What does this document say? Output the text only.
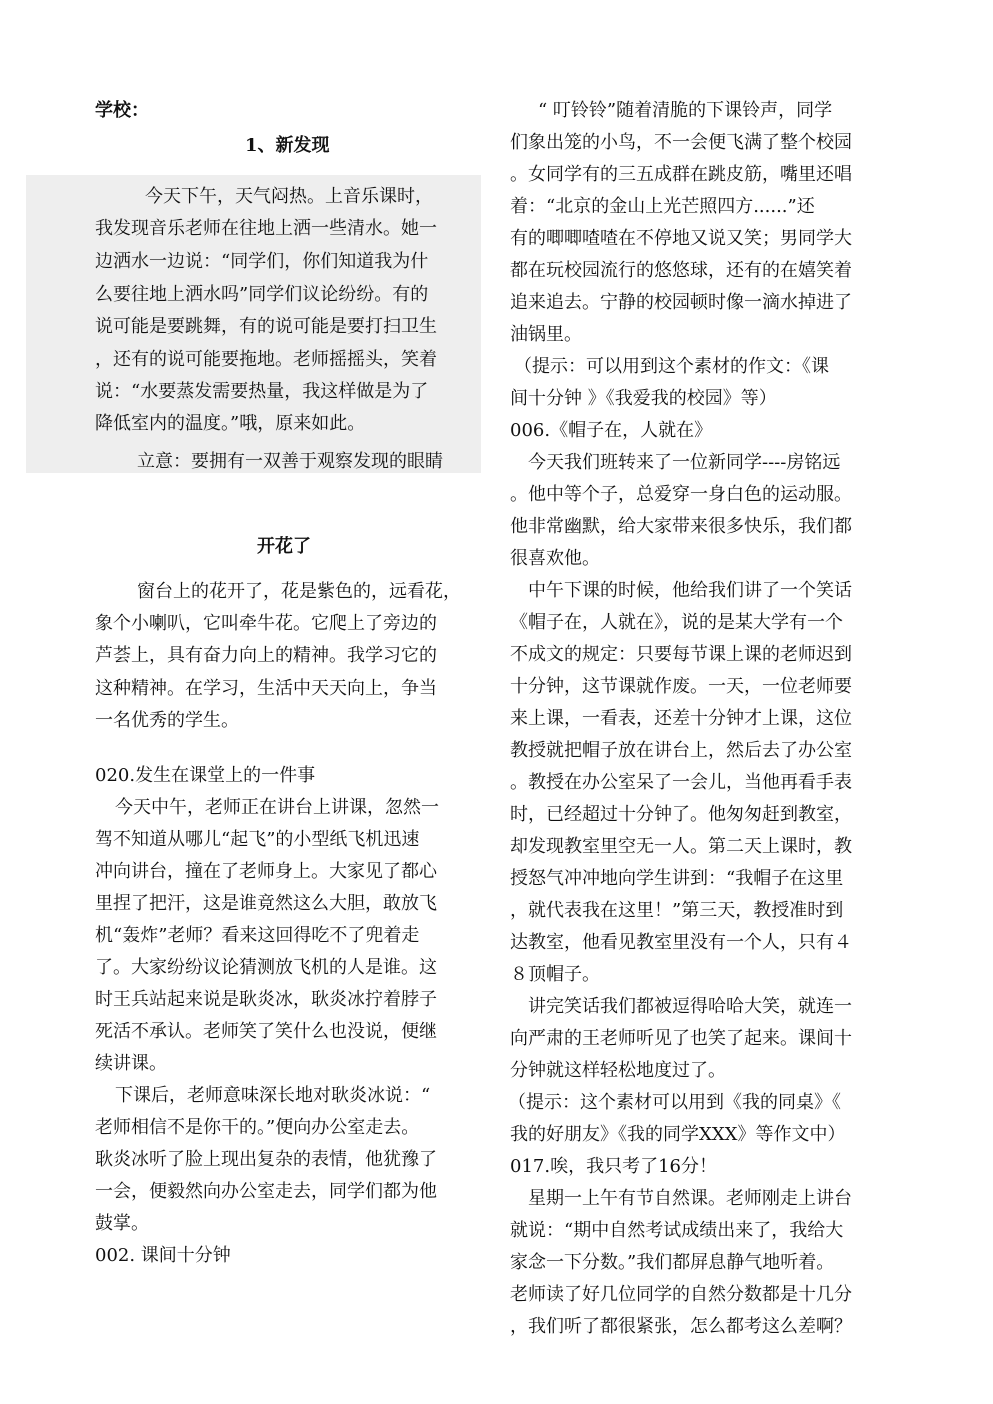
学校：
1、新发现
今天下午，天气闷热。上音乐课时，
我发现音乐老师在往地上洒一些清水。她一
边洒水一边说：“同学们，你们知道我为什
么要往地上洒水吗”同学们议论纷纷。有的
说可能是要跳舞，有的说可能是要打扫卫生
，还有的说可能要拖地。老师摇摇头，笑着
说：“水要蒸发需要热量，我这样做是为了
降低室内的温度。”哦，原来如此。
立意：要拥有一双善于观察发现的眼睛
开花了
窗台上的花开了，花是紫色的，远看花，
象个小喇叭，它叫牵牛花。它爬上了旁边的
芦荟上，具有奋力向上的精神。我学习它的
这种精神。在学习，生活中天天向上，争当
一名优秀的学生。
020.发生在课堂上的一件事
今天中午，老师正在讲台上讲课，忽然一
驾不知道从哪儿“起飞”的小型纸飞机迅速
冲向讲台，撞在了老师身上。大家见了都心
里捏了把汗，这是谁竟然这么大胆，敢放飞
机“轰炸”老师？看来这回得吃不了兜着走
了。大家纷纷议论猜测放飞机的人是谁。这
时王兵站起来说是耿炎冰，耿炎冰拧着脖子
死活不承认。老师笑了笑什么也没说，便继
续讲课。
下课后，老师意味深长地对耿炎冰说：“
老师相信不是你干的。”便向办公室走去。
耿炎冰听了脸上现出复杂的表情，他犹豫了
一会，便毅然向办公室走去，同学们都为他
鼓掌。
002. 课间十分钟
“ 叮铃铃”随着清脆的下课铃声，同学
们象出笼的小鸟，不一会便飞满了整个校园
。女同学有的三五成群在跳皮筋，嘴里还唱
着：“北京的金山上光芒照四方......”还
有的唧唧喳喳在不停地又说又笑；男同学大
都在玩校园流行的悠悠球，还有的在嬉笑着
追来追去。宁静的校园顿时像一滴水掉进了
油锅里。
（提示：可以用到这个素材的作文：《课
间十分钟 》《我爱我的校园》等）
006.《帽子在，人就在》
今天我们班转来了一位新同学----房铭远
。他中等个子，总爱穿一身白色的运动服。
他非常幽默，给大家带来很多快乐，我们都
很喜欢他。
中午下课的时候，他给我们讲了一个笑话
《帽子在，人就在》，说的是某大学有一个
不成文的规定：只要每节课上课的老师迟到
十分钟，这节课就作废。一天，一位老师要
来上课，一看表，还差十分钟才上课，这位
教授就把帽子放在讲台上，然后去了办公室
。教授在办公室呆了一会儿，当他再看手表
时，已经超过十分钟了。他匆匆赶到教室，
却发现教室里空无一人。第二天上课时，教
授怒气冲冲地向学生讲到：“我帽子在这里
，就代表我在这里！”第三天，教授准时到
达教室，他看见教室里没有一个人，只有４
８顶帽子。
讲完笑话我们都被逗得哈哈大笑，就连一
向严肃的王老师听见了也笑了起来。课间十
分钟就这样轻松地度过了。
（提示：这个素材可以用到《我的同桌》《
我的好朋友》《我的同学XXX》等作文中）
017.唉，我只考了16分！
星期一上午有节自然课。老师刚走上讲台
就说：“期中自然考试成绩出来了，我给大
家念一下分数。”我们都屏息静气地听着。
老师读了好几位同学的自然分数都是十几分
，我们听了都很紧张，怎么都考这么差啊？
